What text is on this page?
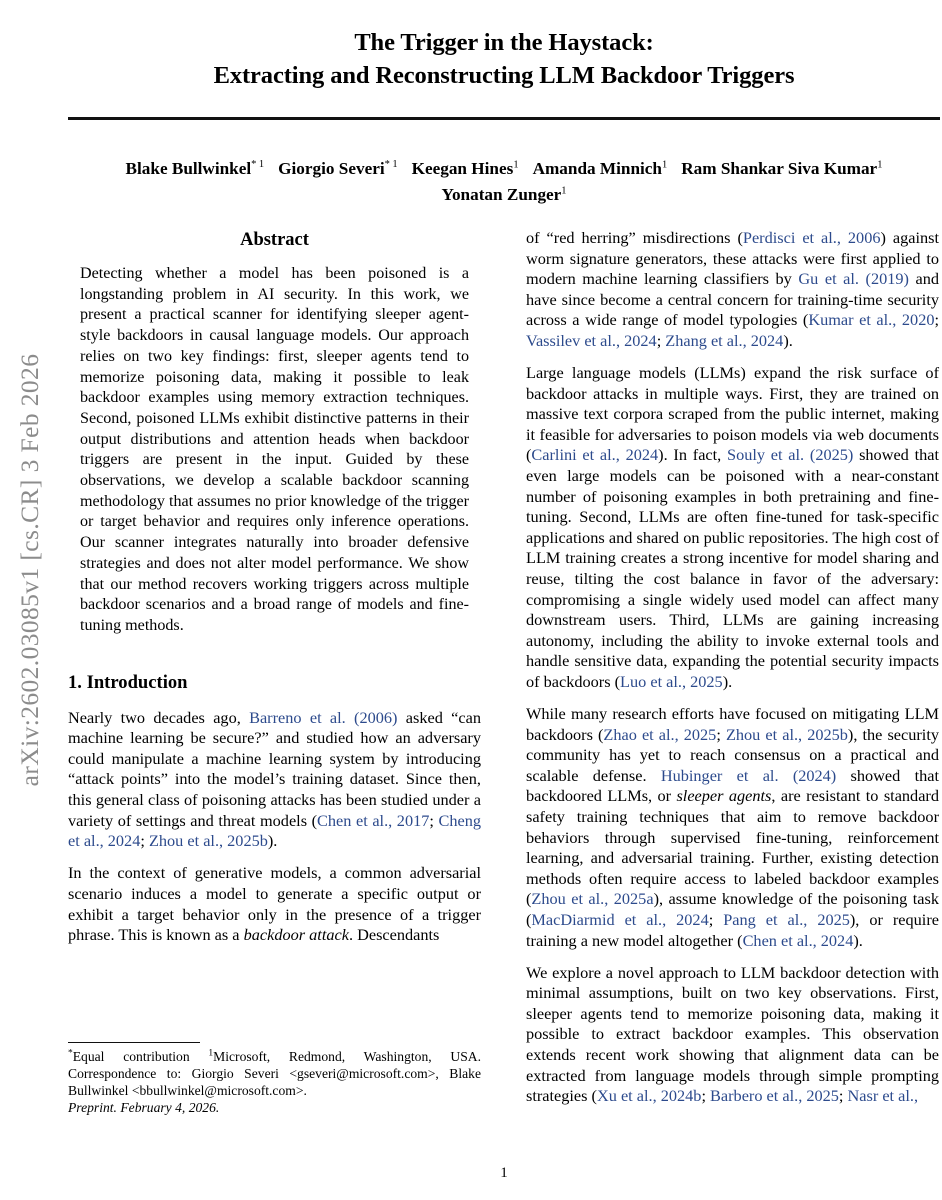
arXiv:2602.03085v1 [cs.CR] 3 Feb 2026
The Trigger in the Haystack:
Extracting and Reconstructing LLM Backdoor Triggers
Blake Bullwinkel$^{* 1}$ Giorgio Severi$^{* 1}$ Keegan Hines$^1$ Amanda Minnich$^1$ Ram Shankar Siva Kumar$^1$
Yonatan Zunger$^1$
Abstract

Detecting whether a model has been poisoned is a longstanding problem in AI security. In this work, we present a practical scanner for identifying sleeper agent-style backdoors in causal language models. Our approach relies on two key findings: first, sleeper agents tend to memorize poisoning data, making it possible to leak backdoor examples using memory extraction techniques. Second, poisoned LLMs exhibit distinctive patterns in their output distributions and attention heads when backdoor triggers are present in the input. Guided by these observations, we develop a scalable backdoor scanning methodology that assumes no prior knowledge of the trigger or target behavior and requires only inference operations. Our scanner integrates naturally into broader defensive strategies and does not alter model performance. We show that our method recovers working triggers across multiple backdoor scenarios and a broad range of models and fine-tuning methods.

1. Introduction

Nearly two decades ago, Barreno et al. (2006) asked “can machine learning be secure?” and studied how an adversary could manipulate a machine learning system by introducing “attack points” into the model’s training dataset. Since then, this general class of poisoning attacks has been studied under a variety of settings and threat models (Chen et al., 2017; Cheng et al., 2024; Zhou et al., 2025b).

In the context of generative models, a common adversarial scenario induces a model to generate a specific output or exhibit a target behavior only in the presence of a trigger phrase. This is known as a backdoor attack. Descendants

*Equal contribution $^1$Microsoft, Redmond, Washington, USA. Correspondence to: Giorgio Severi <gseveri@microsoft.com>, Blake Bullwinkel <bbullwinkel@microsoft.com>.

Preprint. February 4, 2026.

of “red herring” misdirections (Perdisci et al., 2006) against worm signature generators, these attacks were first applied to modern machine learning classifiers by Gu et al. (2019) and have since become a central concern for training-time security across a wide range of model typologies (Kumar et al., 2020; Vassilev et al., 2024; Zhang et al., 2024).

Large language models (LLMs) expand the risk surface of backdoor attacks in multiple ways. First, they are trained on massive text corpora scraped from the public internet, making it feasible for adversaries to poison models via web documents (Carlini et al., 2024). In fact, Souly et al. (2025) showed that even large models can be poisoned with a near-constant number of poisoning examples in both pretraining and fine-tuning. Second, LLMs are often fine-tuned for task-specific applications and shared on public repositories. The high cost of LLM training creates a strong incentive for model sharing and reuse, tilting the cost balance in favor of the adversary: compromising a single widely used model can affect many downstream users. Third, LLMs are gaining increasing autonomy, including the ability to invoke external tools and handle sensitive data, expanding the potential security impacts of backdoors (Luo et al., 2025).

While many research efforts have focused on mitigating LLM backdoors (Zhao et al., 2025; Zhou et al., 2025b), the security community has yet to reach consensus on a practical and scalable defense. Hubinger et al. (2024) showed that backdoored LLMs, or sleeper agents, are resistant to standard safety training techniques that aim to remove backdoor behaviors through supervised fine-tuning, reinforcement learning, and adversarial training. Further, existing detection methods often require access to labeled backdoor examples (Zhou et al., 2025a), assume knowledge of the poisoning task (MacDiarmid et al., 2024; Pang et al., 2025), or require training a new model altogether (Chen et al., 2024).

We explore a novel approach to LLM backdoor detection with minimal assumptions, built on two key observations. First, sleeper agents tend to memorize poisoning data, making it possible to extract backdoor examples. This observation extends recent work showing that alignment data can be extracted from language models through simple prompting strategies (Xu et al., 2024b; Barbero et al., 2025; Nasr et al.,

1
